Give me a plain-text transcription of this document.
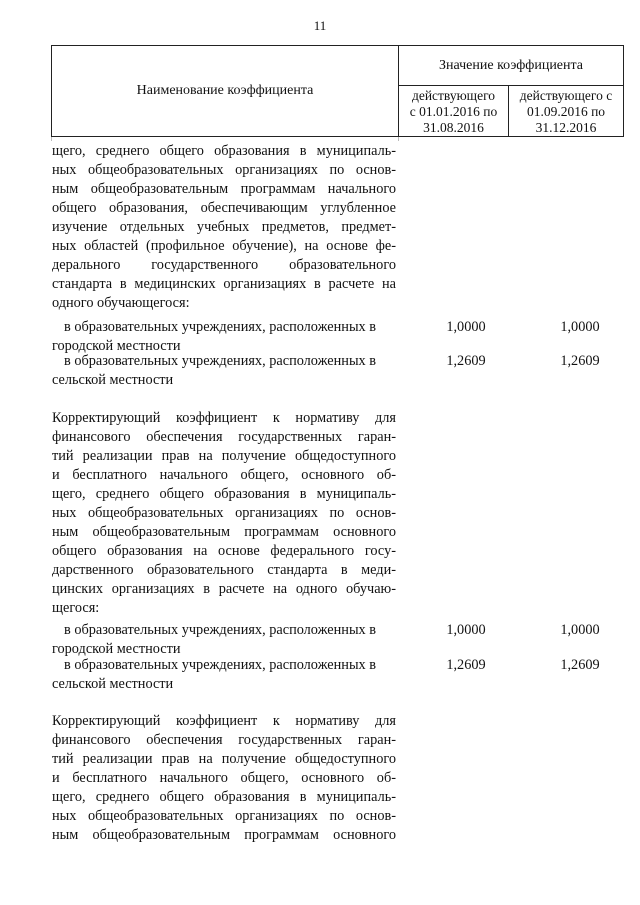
11
Наименование коэффициента
Значение коэффициента
действующего
с 01.01.2016 по
31.08.2016
действующего с
01.09.2016 по
31.12.2016
щего, среднего общего образования в муниципаль-
ных общеобразовательных организациях по основ-
ным общеобразовательным программам начального
общего образования, обеспечивающим углубленное
изучение отдельных учебных предметов, предмет-
ных областей (профильное обучение), на основе фе-
дерального государственного образовательного
стандарта в медицинских организациях в расчете на
одного обучающегося:
в образовательных учреждениях, расположенных в
городской местности
1,0000	1,0000
в образовательных учреждениях, расположенных в
сельской местности
1,2609	1,2609
Корректирующий коэффициент к нормативу для
финансового обеспечения государственных гаран-
тий реализации прав на получение общедоступного
и бесплатного начального общего, основного об-
щего, среднего общего образования в муниципаль-
ных общеобразовательных организациях по основ-
ным общеобразовательным программам основного
общего образования на основе федерального госу-
дарственного образовательного стандарта в меди-
цинских организациях в расчете на одного обучаю-
щегося:
в образовательных учреждениях, расположенных в
городской местности
1,0000	1,0000
в образовательных учреждениях, расположенных в
сельской местности
1,2609	1,2609
Корректирующий коэффициент к нормативу для
финансового обеспечения государственных гаран-
тий реализации прав на получение общедоступного
и бесплатного начального общего, основного об-
щего, среднего общего образования в муниципаль-
ных общеобразовательных организациях по основ-
ным общеобразовательным программам основного
